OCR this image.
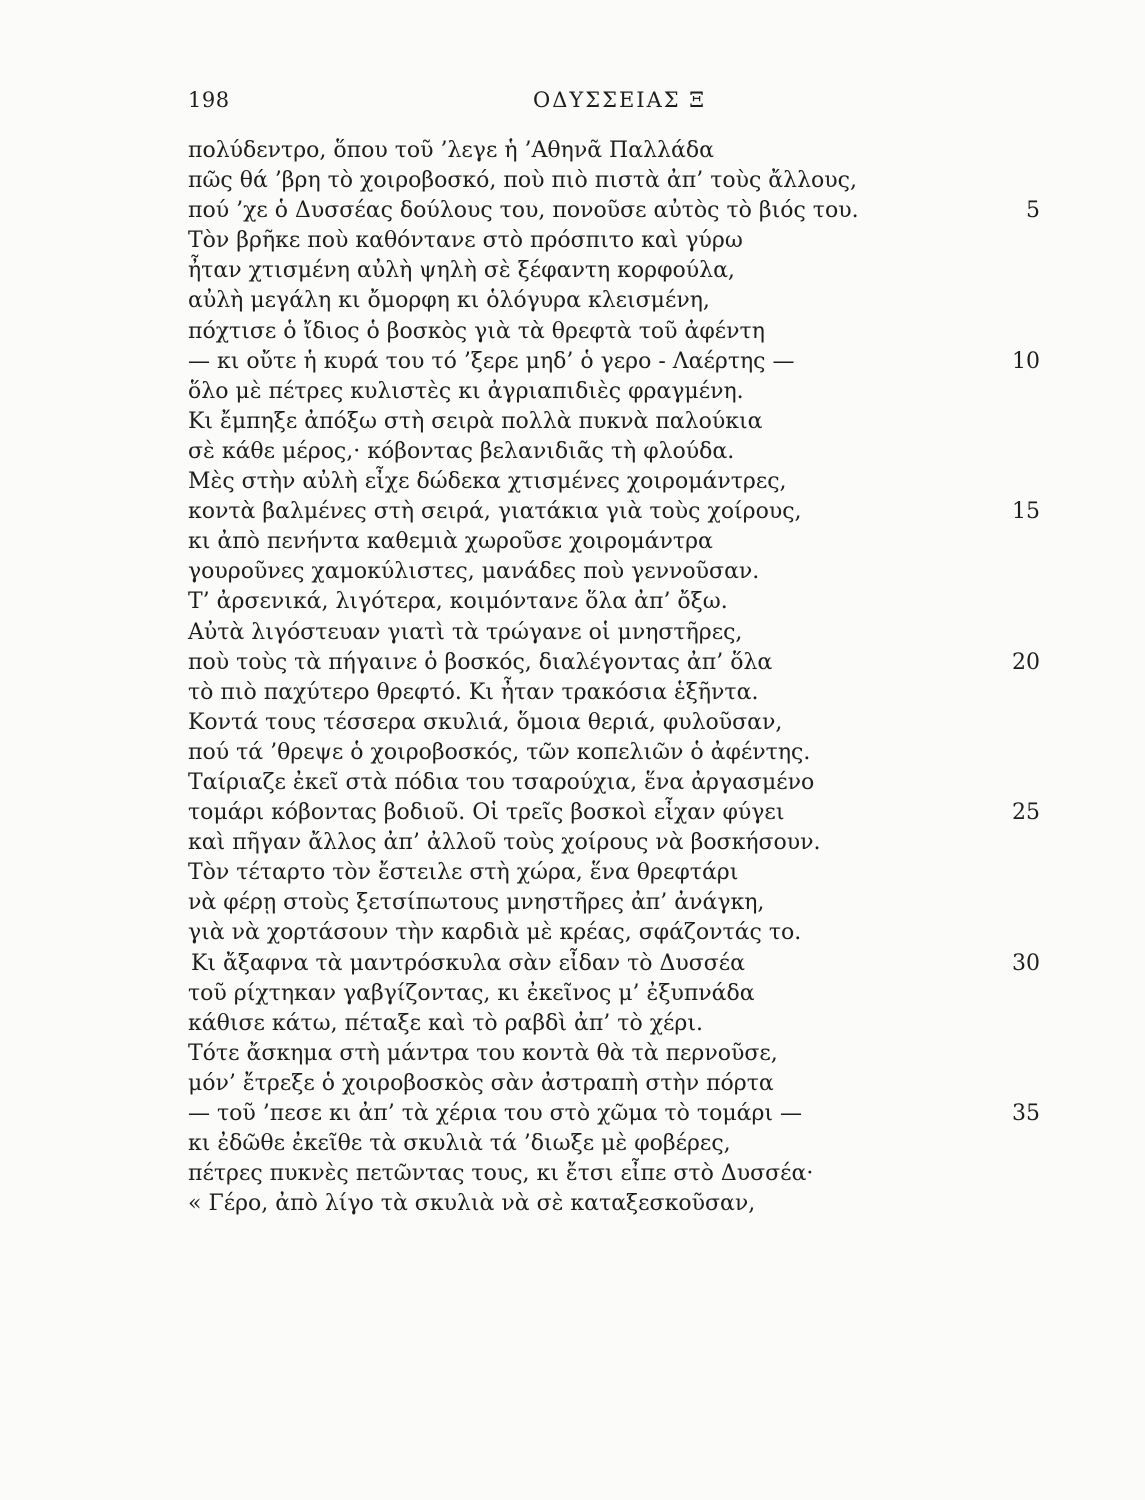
198	ΟΔΥΣΣΕΙΑΣ Ξ
πολύδεντρο, ὅπου τοῦ ’λεγε ἡ ’Αθηνᾶ Παλλάδα
πῶς θά ’βρη τὸ χοιροβοσκό, ποὺ πιὸ πιστὰ ἀπ’ τοὺς ἄλλους,
πού ’χε ὁ Δυσσέας δούλους του, πονοῦσε αὐτὸς τὸ βιός του.	5
Τὸν βρῆκε ποὺ καθόντανε στὸ πρόσπιτο καὶ γύρω
ἦταν χτισμένη αὐλὴ ψηλὴ σὲ ξέφαντη κορφούλα,
αὐλὴ μεγάλη κι ὄμορφη κι ὁλόγυρα κλεισμένη,
πόχτισε ὁ ἴδιος ὁ βοσκὸς γιὰ τὰ θρεφτὰ τοῦ ἀφέντη
— κι οὔτε ἡ κυρά του τό ’ξερε μηδ’ ὁ γερο - Λαέρτης —	10
ὅλο μὲ πέτρες κυλιστὲς κι ἀγριαπιδιὲς φραγμένη.
Κι ἔμπηξε ἀπόξω στὴ σειρὰ πολλὰ πυκνὰ παλούκια
σὲ κάθε μέρος,· κόβοντας βελανιδιᾶς τὴ φλούδα.
Μὲς στὴν αὐλὴ εἶχε δώδεκα χτισμένες χοιρομάντρες,
κοντὰ βαλμένες στὴ σειρά, γιατάκια γιὰ τοὺς χοίρους,	15
κι ἀπὸ πενήντα καθεμιὰ χωροῦσε χοιρομάντρα
γουροῦνες χαμοκύλιστες, μανάδες ποὺ γεννοῦσαν.
Τ’ ἀρσενικά, λιγότερα, κοιμόντανε ὅλα ἀπ’ ὄξω.
Αὐτὰ λιγόστευαν γιατὶ τὰ τρώγανε οἱ μνηστῆρες,
ποὺ τοὺς τὰ πήγαινε ὁ βοσκός, διαλέγοντας ἀπ’ ὅλα	20
τὸ πιὸ παχύτερο θρεφτό. Κι ἦταν τρακόσια ἑξῆντα.
Κοντά τους τέσσερα σκυλιά, ὅμοια θεριά, φυλοῦσαν,
πού τά ’θρεψε ὁ χοιροβοσκός, τῶν κοπελιῶν ὁ ἀφέντης.
Ταίριαζε ἐκεῖ στὰ πόδια του τσαρούχια, ἕνα ἀργασμένο
τομάρι κόβοντας βοδιοῦ. Οἱ τρεῖς βοσκοὶ εἶχαν φύγει	25
καὶ πῆγαν ἄλλος ἀπ’ ἀλλοῦ τοὺς χοίρους νὰ βοσκήσουν.
Τὸν τέταρτο τὸν ἔστειλε στὴ χώρα, ἕνα θρεφτάρι
νὰ φέρῃ στοὺς ξετσίπωτους μνηστῆρες ἀπ’ ἀνάγκη,
γιὰ νὰ χορτάσουν τὴν καρδιὰ μὲ κρέας, σφάζοντάς το.
Κι ἄξαφνα τὰ μαντρόσκυλα σὰν εἶδαν τὸ Δυσσέα	30
τοῦ ρίχτηκαν γαβγίζοντας, κι ἐκεῖνος μ’ ἐξυπνάδα
κάθισε κάτω, πέταξε καὶ τὸ ραβδὶ ἀπ’ τὸ χέρι.
Τότε ἄσκημα στὴ μάντρα του κοντὰ θὰ τὰ περνοῦσε,
μόν’ ἔτρεξε ὁ χοιροβοσκὸς σὰν ἀστραπὴ στὴν πόρτα
— τοῦ ’πεσε κι ἀπ’ τὰ χέρια του στὸ χῶμα τὸ τομάρι —	35
κι ἐδῶθε ἐκεῖθε τὰ σκυλιὰ τά ’διωξε μὲ φοβέρες,
πέτρες πυκνὲς πετῶντας τους, κι ἔτσι εἶπε στὸ Δυσσέα·
« Γέρο, ἀπὸ λίγο τὰ σκυλιὰ νὰ σὲ καταξεσκοῦσαν,
